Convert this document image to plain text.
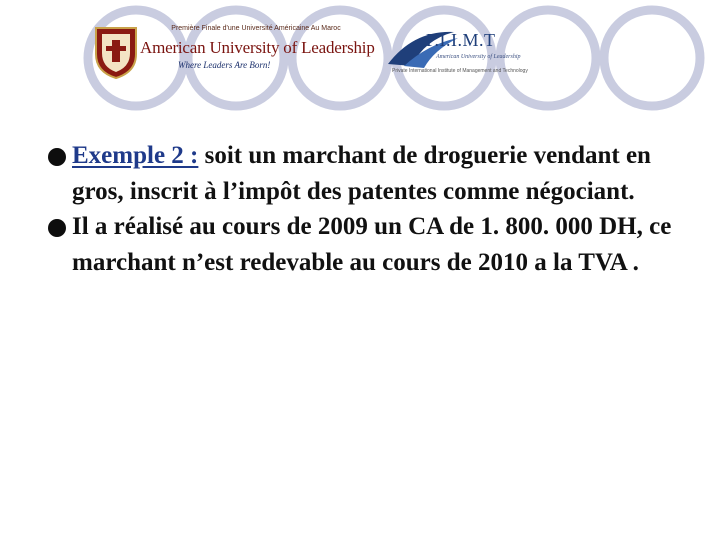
Première Finale d'une Université Américaine Au Maroc
American University of Leadership
Where Leaders Are Born!
P.I.I.M.T
American University of Leadership
Private International Institute of Management and Technology
Exemple 2 : soit un marchant de droguerie vendant en gros, inscrit à l’impôt des patentes comme négociant.
Il a réalisé au cours de 2009 un CA de 1. 800. 000 DH, ce marchant n’est redevable au cours de 2010 a la TVA .
